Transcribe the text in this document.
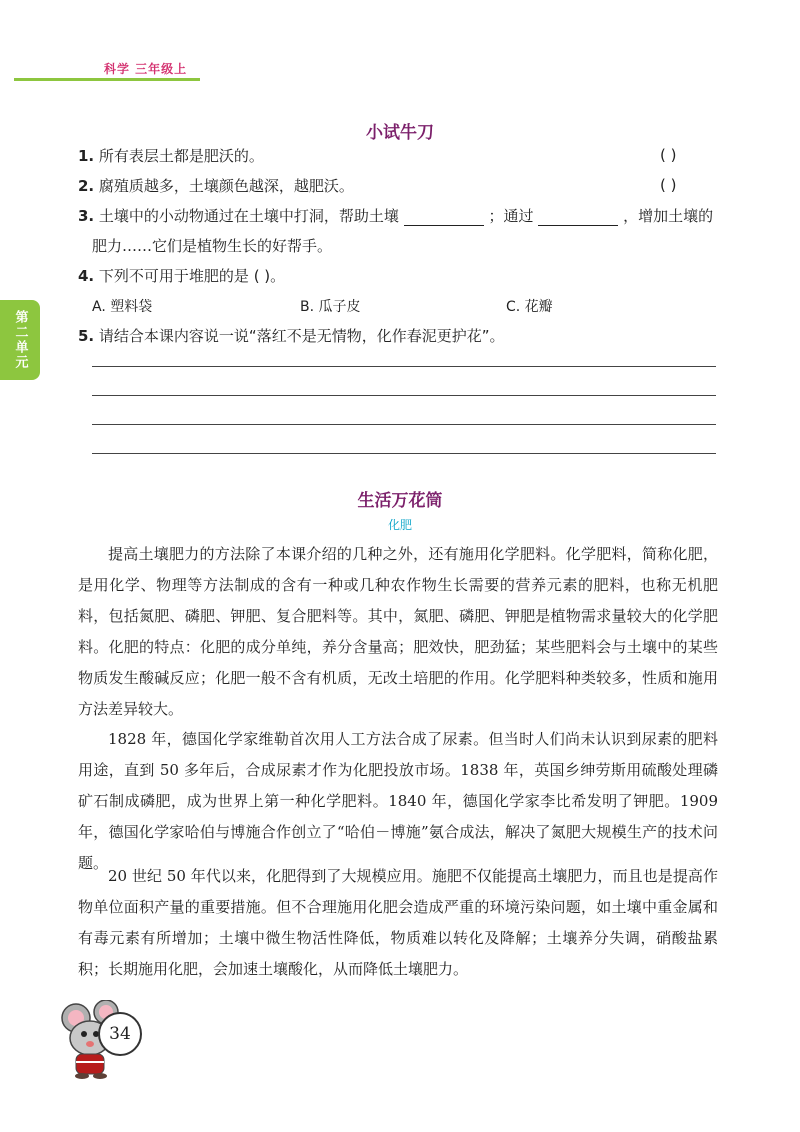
科学 三年级上
第二单元
小试牛刀
1. 所有表层土都是肥沃的。	( )
2. 腐殖质越多，土壤颜色越深，越肥沃。	( )
3. 土壤中的小动物通过在土壤中打洞，帮助土壤	；通过	，增加土壤的
肥力……它们是植物生长的好帮手。
4. 下列不可用于堆肥的是 ( )。
A. 塑料袋	B. 瓜子皮	C. 花瓣
5. 请结合本课内容说一说“落红不是无情物，化作春泥更护花”。
生活万花筒
化肥

提高土壤肥力的方法除了本课介绍的几种之外，还有施用化学肥料。化学肥料，简称化肥，是用化学、物理等方法制成的含有一种或几种农作物生长需要的营养元素的肥料，也称无机肥料，包括氮肥、磷肥、钾肥、复合肥料等。其中，氮肥、磷肥、钾肥是植物需求量较大的化学肥料。化肥的特点：化肥的成分单纯，养分含量高；肥效快，肥劲猛；某些肥料会与土壤中的某些物质发生酸碱反应；化肥一般不含有机质，无改土培肥的作用。化学肥料种类较多，性质和施用方法差异较大。

1828 年，德国化学家维勒首次用人工方法合成了尿素。但当时人们尚未认识到尿素的肥料用途，直到 50 多年后，合成尿素才作为化肥投放市场。1838 年，英国乡绅劳斯用硫酸处理磷矿石制成磷肥，成为世界上第一种化学肥料。1840 年，德国化学家李比希发明了钾肥。1909 年，德国化学家哈伯与博施合作创立了“哈伯－博施”氨合成法，解决了氮肥大规模生产的技术问题。

20 世纪 50 年代以来，化肥得到了大规模应用。施肥不仅能提高土壤肥力，而且也是提高作物单位面积产量的重要措施。但不合理施用化肥会造成严重的环境污染问题，如土壤中重金属和有毒元素有所增加；土壤中微生物活性降低，物质难以转化及降解；土壤养分失调，硝酸盐累积；长期施用化肥，会加速土壤酸化，从而降低土壤肥力。

34
